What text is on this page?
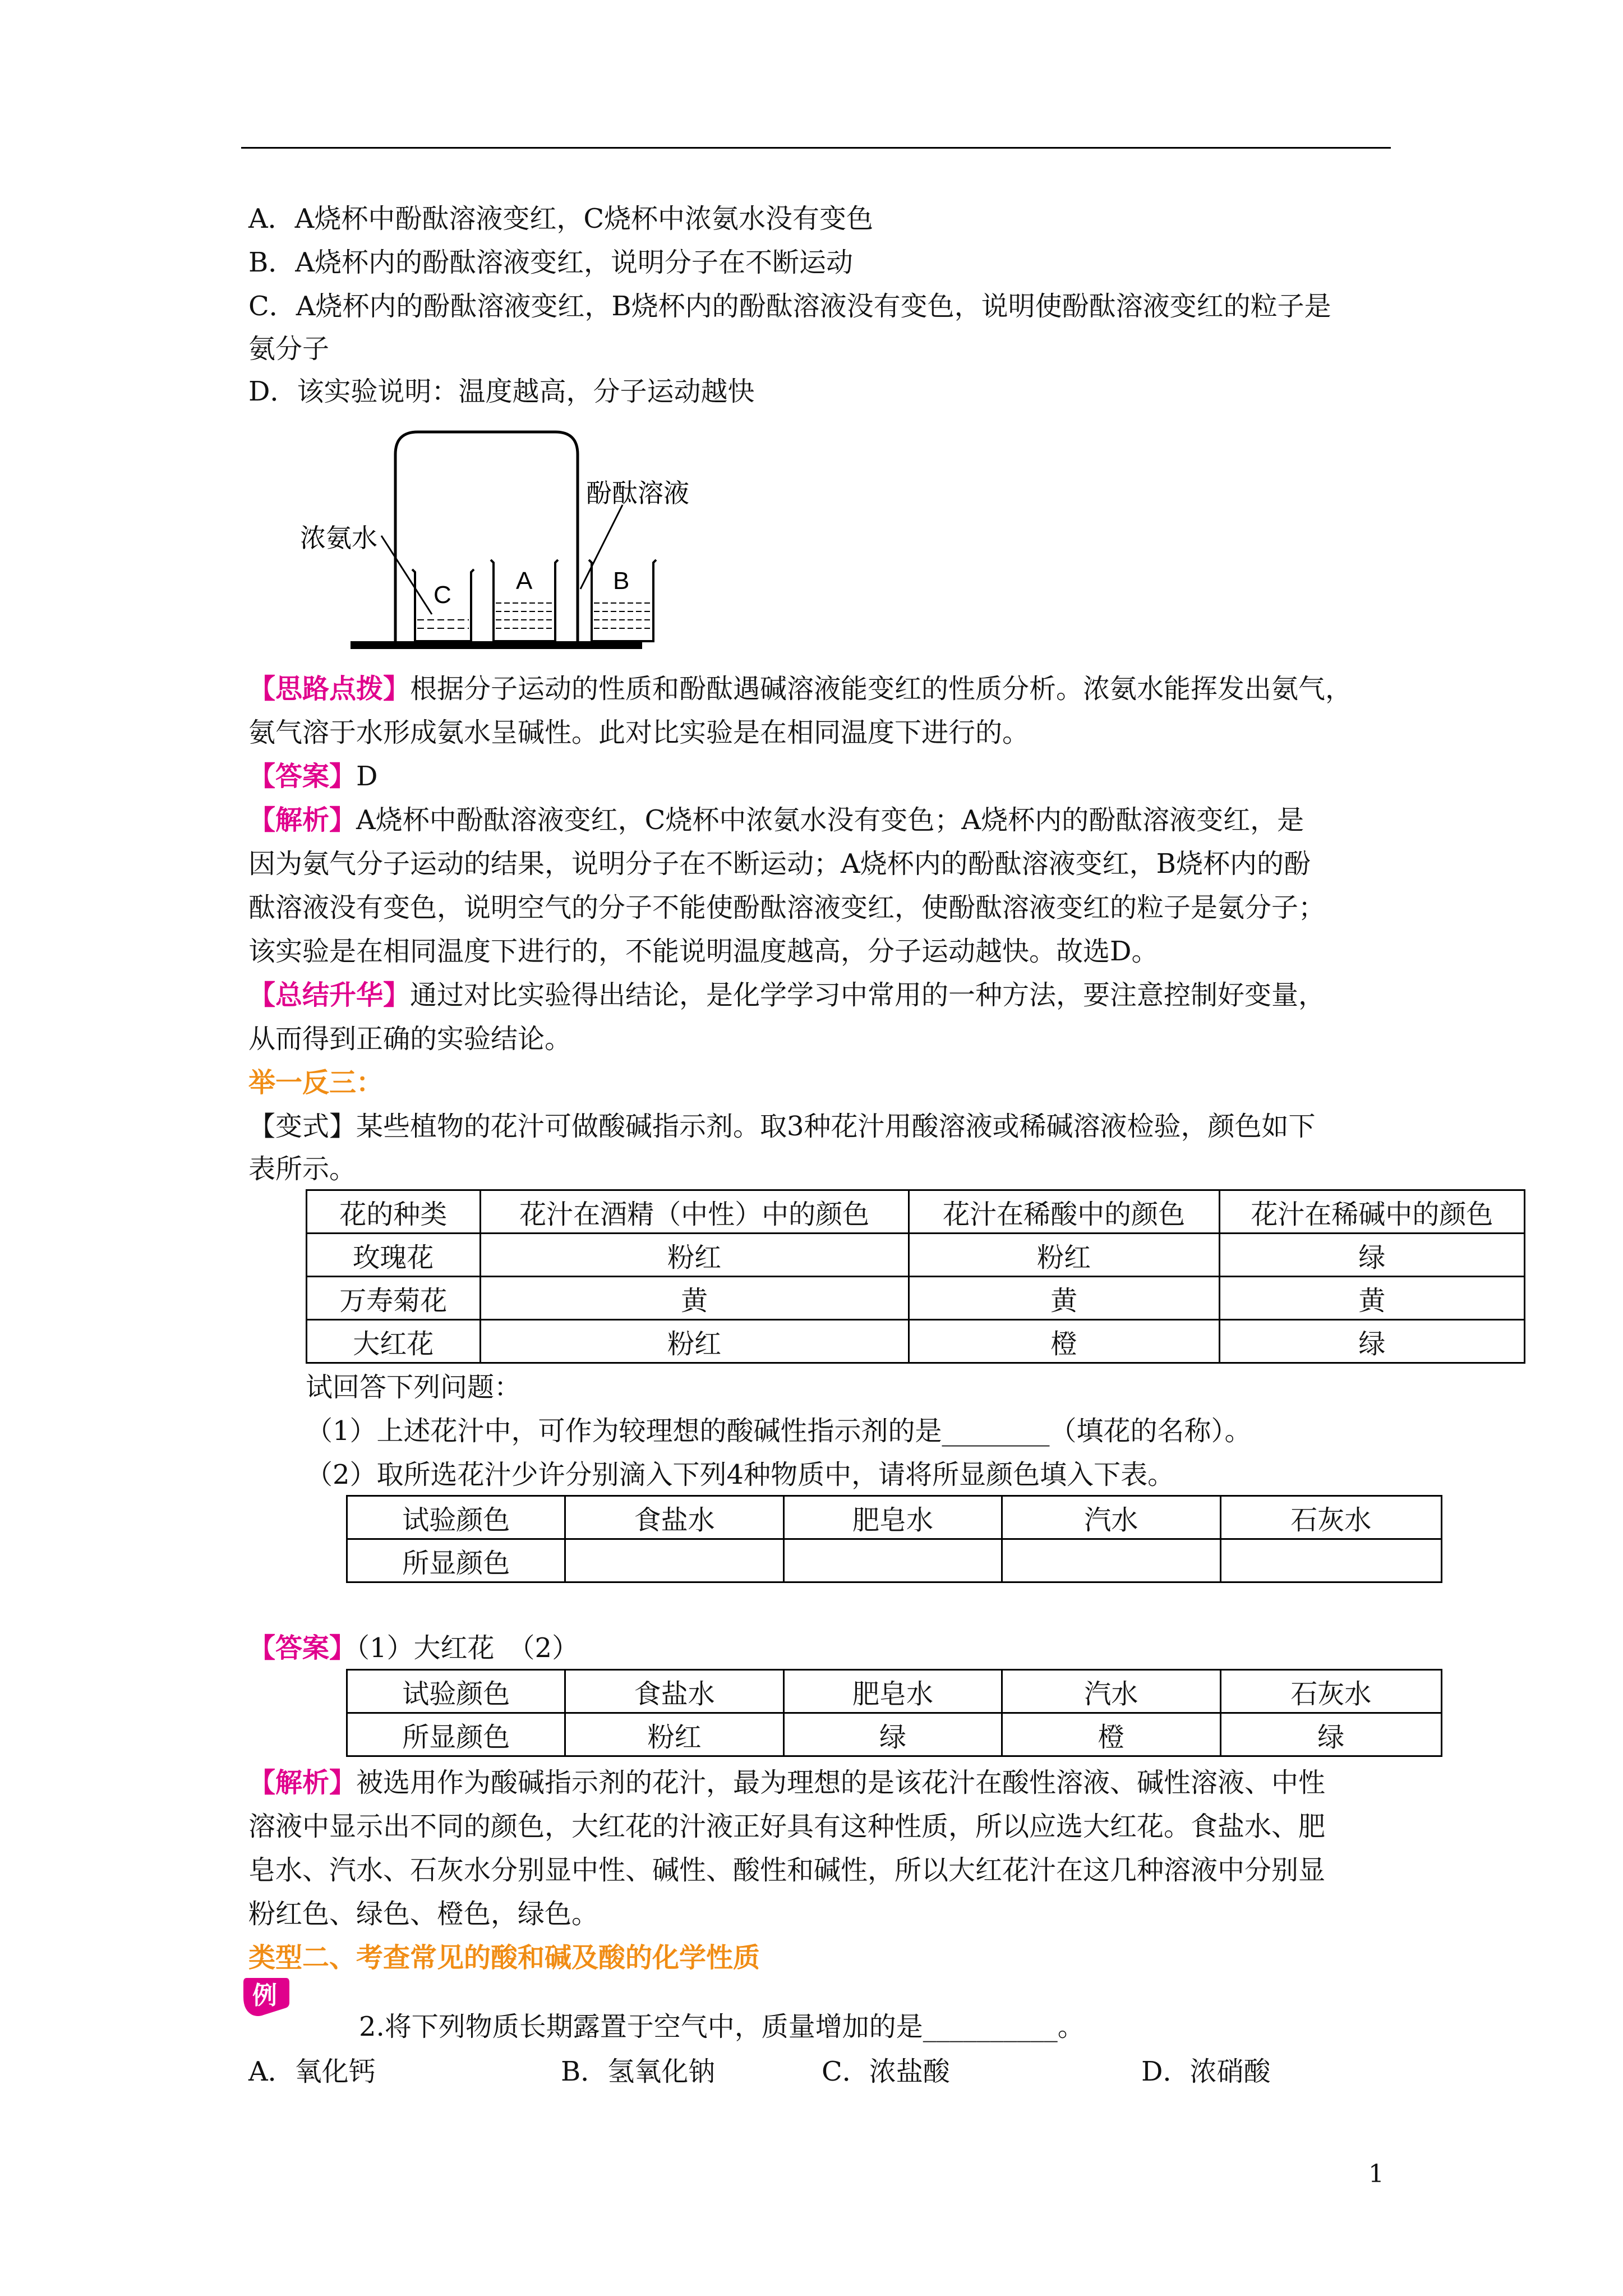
A．A烧杯中酚酞溶液变红，C烧杯中浓氨水没有变色
B．A烧杯内的酚酞溶液变红，说明分子在不断运动
C．A烧杯内的酚酞溶液变红，B烧杯内的酚酞溶液没有变色，说明使酚酞溶液变红的粒子是
氨分子
D．该实验说明：温度越高，分子运动越快
浓氨水
酚酞溶液
C
A	B
【思路点拨】根据分子运动的性质和酚酞遇碱溶液能变红的性质分析。浓氨水能挥发出氨气，
氨气溶于水形成氨水呈碱性。此对比实验是在相同温度下进行的。
【答案】D
【解析】A烧杯中酚酞溶液变红，C烧杯中浓氨水没有变色；A烧杯内的酚酞溶液变红，是
因为氨气分子运动的结果，说明分子在不断运动；A烧杯内的酚酞溶液变红，B烧杯内的酚
酞溶液没有变色，说明空气的分子不能使酚酞溶液变红，使酚酞溶液变红的粒子是氨分子；
该实验是在相同温度下进行的，不能说明温度越高，分子运动越快。故选D。
【总结升华】通过对比实验得出结论，是化学学习中常用的一种方法，要注意控制好变量，
从而得到正确的实验结论。
举一反三：
【变式】某些植物的花汁可做酸碱指示剂。取3种花汁用酸溶液或稀碱溶液检验，颜色如下
表所示。
花的种类	花汁在酒精（中性）中的颜色	花汁在稀酸中的颜色	花汁在稀碱中的颜色
玫瑰花	粉红	粉红	绿
万寿菊花	黄	黄	黄
大红花	粉红	橙	绿
试回答下列问题：
（1）上述花汁中，可作为较理想的酸碱性指示剂的是________（填花的名称）。
（2）取所选花汁少许分别滴入下列4种物质中，请将所显颜色填入下表。
试验颜色	食盐水	肥皂水	汽水	石灰水
所显颜色				
【答案】（1）大红花　（2）
试验颜色	食盐水	肥皂水	汽水	石灰水
所显颜色	粉红	绿	橙	绿
【解析】被选用作为酸碱指示剂的花汁，最为理想的是该花汁在酸性溶液、碱性溶液、中性
溶液中显示出不同的颜色，大红花的汁液正好具有这种性质，所以应选大红花。食盐水、肥
皂水、汽水、石灰水分别显中性、碱性、酸性和碱性，所以大红花汁在这几种溶液中分别显
粉红色、绿色、橙色，绿色。
类型二、考查常见的酸和碱及酸的化学性质
例
2.将下列物质长期露置于空气中，质量增加的是__________。
A．氧化钙	B．氢氧化钠	C．浓盐酸	D．浓硝酸
1
